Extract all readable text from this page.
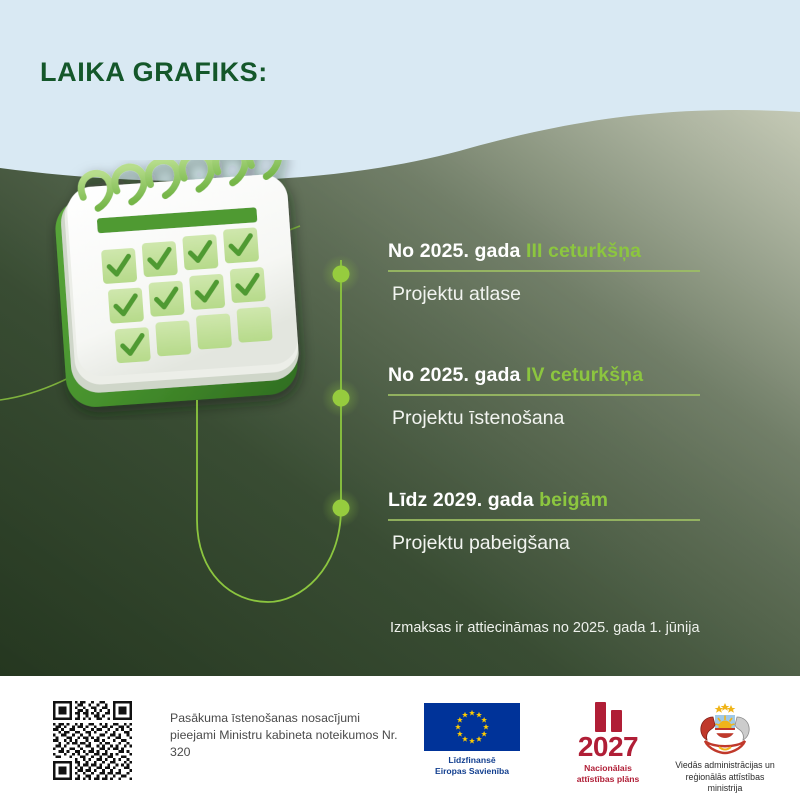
LAIKA GRAFIKS:
No 2025. gada III ceturkšņa
Projektu atlase
No 2025. gada IV ceturkšņa
Projektu īstenošana
Līdz 2029. gada beigām
Projektu pabeigšana
Izmaksas ir attiecināmas no 2025. gada 1. jūnija
Pasākuma īstenošanas nosacījumi pieejami Ministru kabineta noteikumos Nr. 320
Līdzfinansē
Eiropas Savienība
2027
Nacionālais
attīstības plāns
Viedās administrācijas un
reģionālās attīstības
ministrija
